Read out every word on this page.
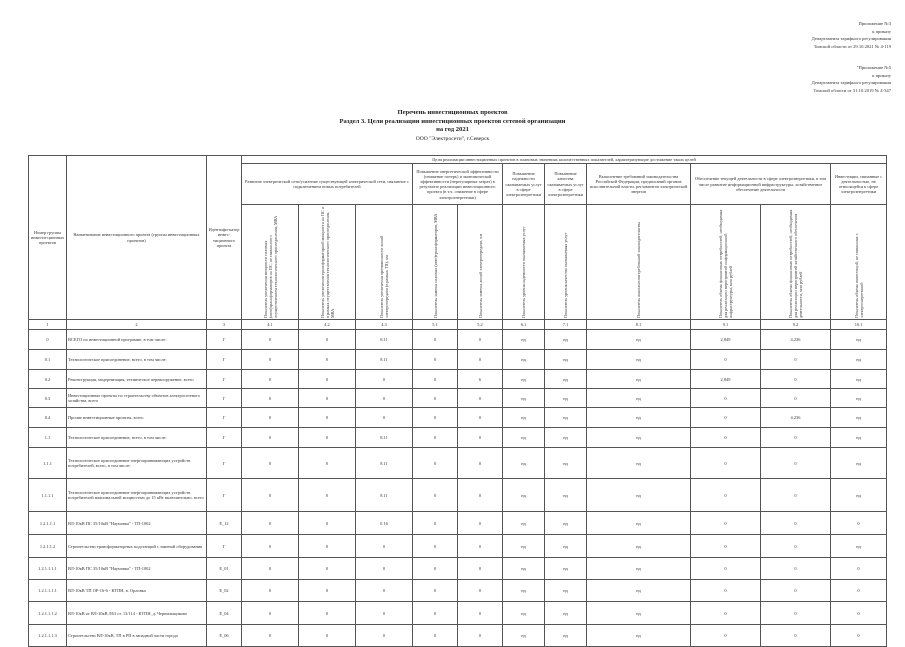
Приложение №3
к приказу
Департамента тарифного регулирования
Томской области от 29.10.2021 № 4-119
"Приложение №5
к приказу
Департамента тарифного регулирования
Томской области от 31.10.2019 № 4-347
Перечень инвестиционных проектов
Раздел 3. Цели реализации инвестиционных проектов сетевой организации
на год 2021
ООО "Электросети", г.Северск
Номер группы инвести-ционных проектов	Наименование инвестиционного проекта (группы инвестиционных проектов)	Идентифи-катор инвес-тиционного проекта	Цели реализации инвестиционных проектов в плановых значениях количественных показателей, характеризующие достижение таких целей										
			Развитие электрической сети/усиление существующей электрической сети, связанное с подключением новых потребителей			Повышение энергетической эффективности (снижение потерь) и экономической эффективности (нерегулярных затрат) в результате реализации инвестиционного проекта (в т.ч. снижение в сфере электроэнергетики)		Повышение надежности оказываемых услуг в сфере электроэнергетики	Повышение качества оказываемых услуг в сфере электроэнергетики	Выполнение требований законодательства Российской Федерации, предписаний органов исполнительной власти, регламентов электрической энергии	Обеспечение текущей деятельности в сфере электроэнергетики, в том числе развитие информационной инфраструктуры, хозяйственное обеспечение деятельности		Инвестиции, связанные с деятельностью, не относящейся к сфере электроэнергетики

			Показатель увеличения мощности силовых (авто)трансформаторов на ПС, не связанного с осуществлением технологического присоединения, МВА	Показатель увеличения трансформаторной мощности на ПС и в рамках осуществления технологического присоединения, МВА	Показатель увеличения протяженности линий электропередачи (в рамках ТП), км	Показатель замены силовых (авто)трансформаторов, МВА	Показатель замены линий электропередачи, км	Показатель уровня надежности оказываемых услуг	Показатель уровня качества оказываемых услуг	Показатель выполнения требований законодательства	Показатель объема финансовых потребностей, необходимых для реализации мероприятий информационной инфраструктуры, млн рублей	Показатель объема финансовых потребностей, необходимых для реализации мероприятий хозяйственного обеспечения деятельности, млн рублей	Показатель объема инвестиций, не связанных с электроэнергетикой

1	2	3	4.1	4.2	4.3	5.1	5.2	6.1	7.1	8.1	9.1	9.2	10.1
0	ВСЕГО по инвестиционной программе, в том числе:	Г	0	0	8.11	0	0	нд	нд	нд	2,849	4,236	нд
0.1	Технологическое присоединение, всего, в том числе:	Г	0	0	8.11	0	0	нд	нд	нд	0	0	нд
0.2	Реконструкция, модернизация, техническое перевооружение, всего	Г	0	0	0	0	6	нд	нд	нд	2,849	0	нд
0.3	Инвестиционные проекты по строительству объектов электросетевого хозяйства, всего	Г	0	0	0	0	0	нд	нд	нд	0	0	нд
0.4	Прочие инвестиционные проекты, всего	Г	0	0	0	0	0	нд	нд	нд	0	4,236	нд
1.1	Технологическое присоединение, всего, в том числе:	Г	0	0	8.11	0	0	нд	нд	нд	0	0	нд
1.1.1	Технологическое присоединение энергопринимающих устройств потребителей, всего, в том числе:	Г	0	0	8.11	0	0	нд	нд	нд	0	0	нд
1.1.1.1	Технологическое присоединение энергопринимающих устройств потребителей максимальной мощностью до 15 кВт включительно, всего	Г	0	0	8.11	0	0	нд	нд	нд	0	0	нд
1.2.1.1.1	ВЛ-10кВ ПС 35/10кВ "Наумовка" - ТП-1002	E_12	0	0	0.16	0	0	нд	нд	нд	0	0	0
1.2.1.1.2	Строительство трансформаторных подстанций с заменой оборудования	Г	0	0	0	0	0	нд	нд	нд	0	0	нд
1.2.1.1.1.1	ВЛ-10кВ ПС 35/10кВ "Наумовка" - ТП-1002	E_01	0	0	0	0	0	нд	нд	нд	0	0	0
1.2.1.1.1.1	ВЛ-10кВ ТП ОР-16-6 - КТПН, в. Орловка	E_02	0	0	0	0	0	нд	нд	нд	0	0	0
1.2.1.1.1.2	ВЛ-10кВ от ВЛ-10кВ Л63 ст. 13/114 - КТПН, д. Чернильщиково	E_04	0	0	0	0	0	нд	нд	нд	0	0	0
1.2.1.1.1.3	Строительство ВЛ-10кВ, ТП в РП в западной части города	E_06	0	0	0	0	0	нд	нд	нд	0	0	0
